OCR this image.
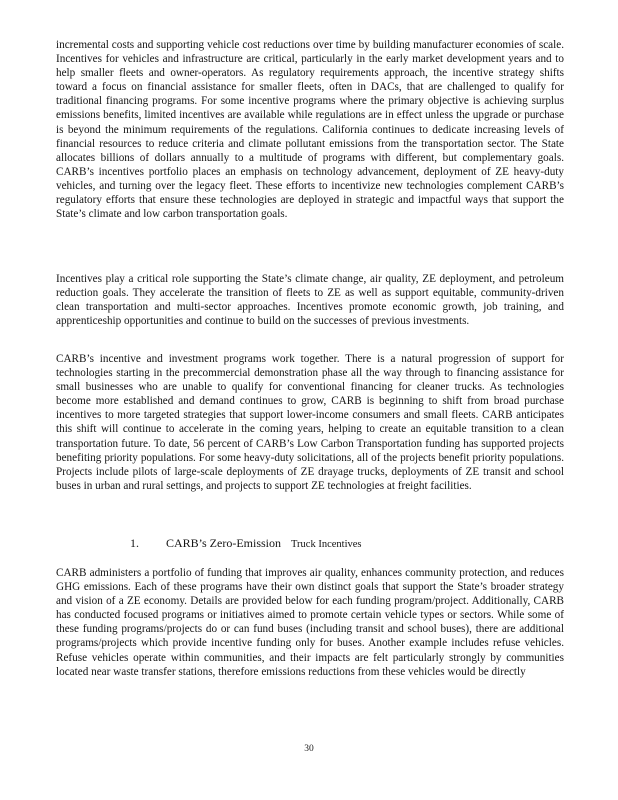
incremental costs and supporting vehicle cost reductions over time by building manufacturer economies of scale. Incentives for vehicles and infrastructure are critical, particularly in the early market development years and to help smaller fleets and owner-operators. As regulatory requirements approach, the incentive strategy shifts toward a focus on financial assistance for smaller fleets, often in DACs, that are challenged to qualify for traditional financing programs. For some incentive programs where the primary objective is achieving surplus emissions benefits, limited incentives are available while regulations are in effect unless the upgrade or purchase is beyond the minimum requirements of the regulations. California continues to dedicate increasing levels of financial resources to reduce criteria and climate pollutant emissions from the transportation sector. The State allocates billions of dollars annually to a multitude of programs with different, but complementary goals. CARB’s incentives portfolio places an emphasis on technology advancement, deployment of ZE heavy-duty vehicles, and turning over the legacy fleet. These efforts to incentivize new technologies complement CARB’s regulatory efforts that ensure these technologies are deployed in strategic and impactful ways that support the State’s climate and low carbon transportation goals.

Incentives play a critical role supporting the State’s climate change, air quality, ZE deployment, and petroleum reduction goals. They accelerate the transition of fleets to ZE as well as support equitable, community-driven clean transportation and multi-sector approaches. Incentives promote economic growth, job training, and apprenticeship opportunities and continue to build on the successes of previous investments.

CARB’s incentive and investment programs work together. There is a natural progression of support for technologies starting in the precommercial demonstration phase all the way through to financing assistance for small businesses who are unable to qualify for conventional financing for cleaner trucks. As technologies become more established and demand continues to grow, CARB is beginning to shift from broad purchase incentives to more targeted strategies that support lower-income consumers and small fleets. CARB anticipates this shift will continue to accelerate in the coming years, helping to create an equitable transition to a clean transportation future. To date, 56 percent of CARB’s Low Carbon Transportation funding has supported projects benefiting priority populations. For some heavy-duty solicitations, all of the projects benefit priority populations. Projects include pilots of large-scale deployments of ZE drayage trucks, deployments of ZE transit and school buses in urban and rural settings, and projects to support ZE technologies at freight facilities.

1. CARB’s Zero-Emission Truck Incentives

CARB administers a portfolio of funding that improves air quality, enhances community protection, and reduces GHG emissions. Each of these programs have their own distinct goals that support the State’s broader strategy and vision of a ZE economy. Details are provided below for each funding program/project. Additionally, CARB has conducted focused programs or initiatives aimed to promote certain vehicle types or sectors. While some of these funding programs/projects do or can fund buses (including transit and school buses), there are additional programs/projects which provide incentive funding only for buses. Another example includes refuse vehicles. Refuse vehicles operate within communities, and their impacts are felt particularly strongly by communities located near waste transfer stations, therefore emissions reductions from these vehicles would be directly

30
